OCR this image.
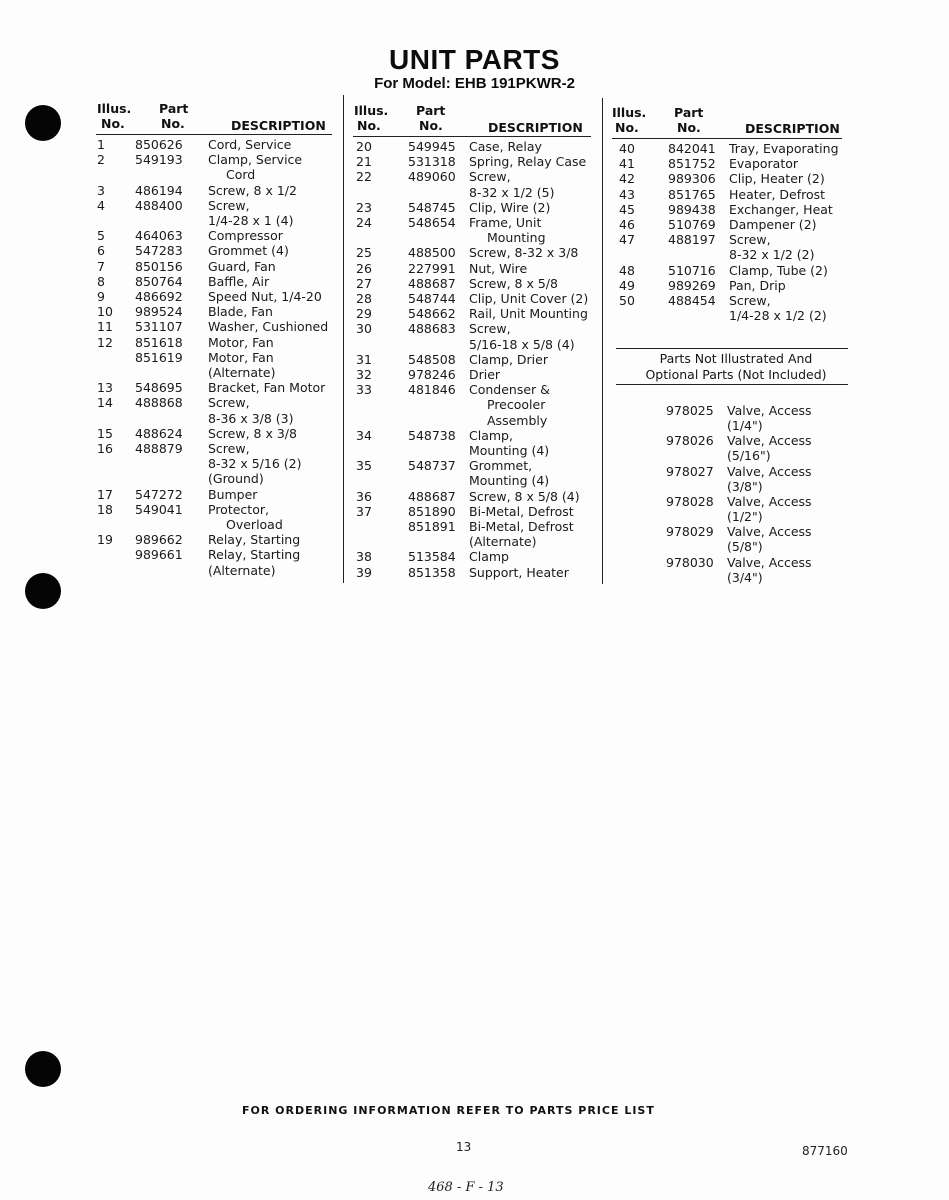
UNIT PARTS
For Model: EHB 191PKWR-2
Illus.
No.
Part
No.	DESCRIPTION
Illus.
No.
Part
No.	DESCRIPTION
Illus.
No.
Part
No.	DESCRIPTION
1 850626 Cord, Service
2 549193 Clamp, Service
Cord
3 486194 Screw, 8 x 1/2
4 488400 Screw,
1/4-28 x 1 (4)
5 464063 Compressor
6 547283 Grommet (4)
7 850156 Guard, Fan
8 850764 Baffle, Air
9 486692 Speed Nut, 1/4-20
10 989524 Blade, Fan
11 531107 Washer, Cushioned
12 851618 Motor, Fan
851619 Motor, Fan
(Alternate)
13 548695 Bracket, Fan Motor
14 488868 Screw,
8-36 x 3/8 (3)
15 488624 Screw, 8 x 3/8
16 488879 Screw,
8-32 x 5/16 (2)
(Ground)
17 547272 Bumper
18 549041 Protector,
Overload
19 989662 Relay, Starting
989661 Relay, Starting
(Alternate)
20	549945 Case, Relay
21	531318 Spring, Relay Case
22	489060 Screw,
8-32 x 1/2 (5)
23	548745 Clip, Wire (2)
24	548654 Frame, Unit
Mounting
25	488500 Screw, 8-32 x 3/8
26	227991 Nut, Wire
27	488687 Screw, 8 x 5/8
28	548744 Clip, Unit Cover (2)
29	548662 Rail, Unit Mounting
30	488683 Screw,
5/16-18 x 5/8 (4)
31	548508 Clamp, Drier
32	978246 Drier
33	481846 Condenser &
Precooler
Assembly
34	548738 Clamp,
Mounting (4)
35	548737 Grommet,
Mounting (4)
36	488687 Screw, 8 x 5/8 (4)
37	851890 Bi-Metal, Defrost
851891 Bi-Metal, Defrost
(Alternate)
38	513584 Clamp
39	851358 Support, Heater
40	842041 Tray, Evaporating
41	851752 Evaporator
42	989306 Clip, Heater (2)
43	851765 Heater, Defrost
45	989438 Exchanger, Heat
46	510769 Dampener (2)
47	488197 Screw,
8-32 x 1/2 (2)
48	510716 Clamp, Tube (2)
49	989269 Pan, Drip
50	488454 Screw,
1/4-28 x 1/2 (2)
Parts Not Illustrated And
Optional Parts (Not Included)
978025 Valve, Access
(1/4")
978026 Valve, Access
(5/16")
978027 Valve, Access
(3/8")
978028 Valve, Access
(1/2")
978029 Valve, Access
(5/8")
978030 Valve, Access
(3/4")
FOR ORDERING INFORMATION REFER TO PARTS PRICE LIST
13	877160
468 - F - 13
